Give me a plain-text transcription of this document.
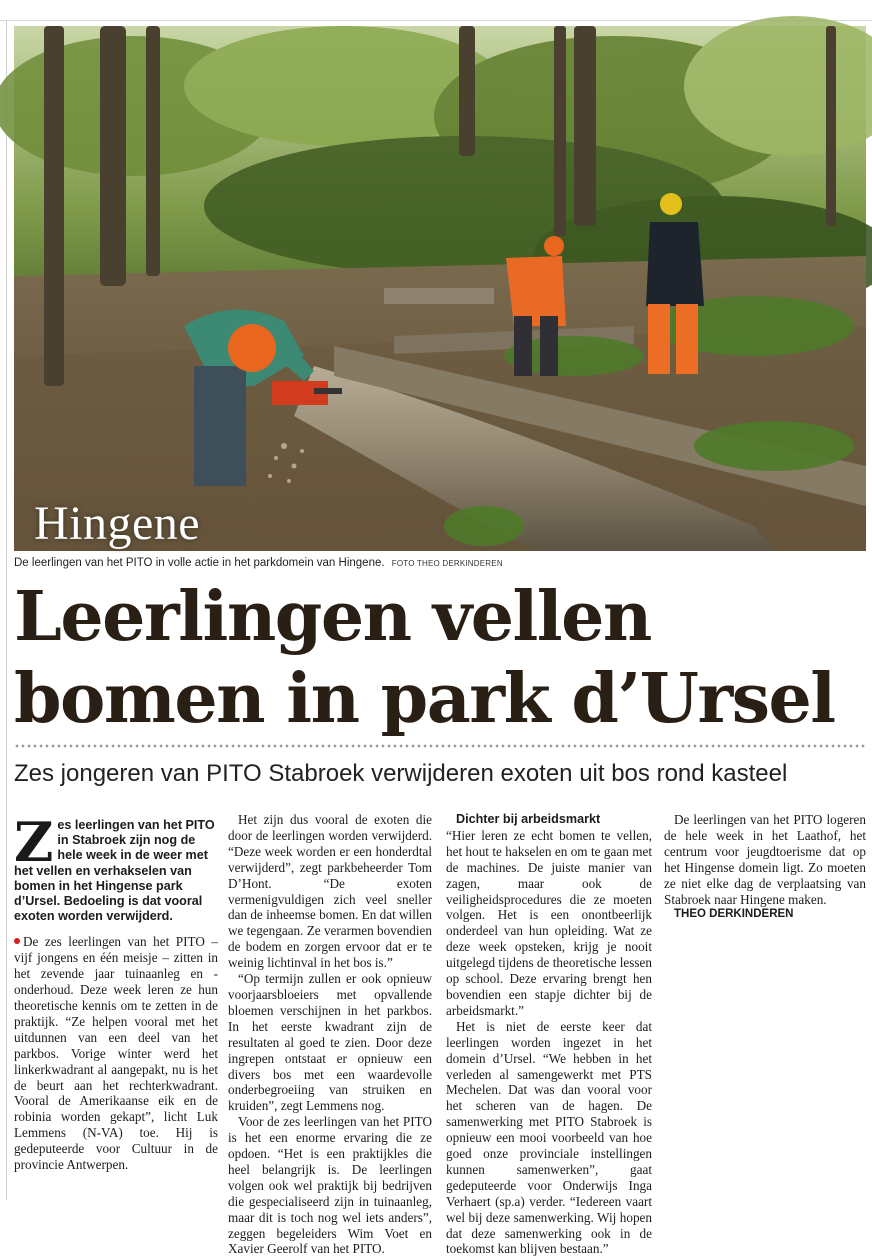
Hingene
De leerlingen van het PITO in volle actie in het parkdomein van Hingene. FOTO THEO DERKINDEREN
Leerlingen vellen
bomen in park d’Ursel
Zes jongeren van PITO Stabroek verwijderen exoten uit bos rond kasteel
Zes leerlingen van het PITO in Stabroek zijn nog de hele week in de weer met het vellen en verhakselen van bomen in het Hingense park d’Ursel. Bedoeling is dat vooral exoten worden verwijderd.

De zes leerlingen van het PITO – vijf jongens en één meisje – zitten in het zevende jaar tuinaanleg en -onderhoud. Deze week leren ze hun theoretische kennis om te zetten in de praktijk. “Ze helpen vooral met het uitdunnen van een deel van het parkbos. Vorige winter werd het linkerkwadrant al aangepakt, nu is het de beurt aan het rechterkwadrant. Vooral de Amerikaanse eik en de robinia worden gekapt”, licht Luk Lemmens (N-VA) toe. Hij is gedeputeerde voor Cultuur in de provincie Antwerpen.

Het zijn dus vooral de exoten die door de leerlingen worden verwijderd. “Deze week worden er een honderdtal verwijderd”, zegt parkbeheerder Tom D’Hont. “De exoten vermenigvuldigen zich veel sneller dan de inheemse bomen. En dat willen we tegengaan. Ze verarmen bovendien de bodem en zorgen ervoor dat er te weinig lichtinval in het bos is.”

“Op termijn zullen er ook opnieuw voorjaarsbloeiers met opvallende bloemen verschijnen in het parkbos. In het eerste kwadrant zijn de resultaten al goed te zien. Door deze ingrepen ontstaat er opnieuw een divers bos met een waardevolle onderbegroeiing van struiken en kruiden”, zegt Lemmens nog.

Voor de zes leerlingen van het PITO is het een enorme ervaring die ze opdoen. “Het is een praktijkles die heel belangrijk is. De leerlingen volgen ook wel praktijk bij bedrijven die gespecialiseerd zijn in tuinaanleg, maar dit is toch nog wel iets anders”, zeggen begeleiders Wim Voet en Xavier Geerolf van het PITO.

Dichter bij arbeidsmarkt

“Hier leren ze echt bomen te vellen, het hout te hakselen en om te gaan met de machines. De juiste manier van zagen, maar ook de veiligheidsprocedures die ze moeten volgen. Het is een onontbeerlijk onderdeel van hun opleiding. Wat ze deze week opsteken, krijg je nooit uitgelegd tijdens de theoretische lessen op school. Deze ervaring brengt hen bovendien een stapje dichter bij de arbeidsmarkt.”

Het is niet de eerste keer dat leerlingen worden ingezet in het domein d’Ursel. “We hebben in het verleden al samengewerkt met PTS Mechelen. Dat was dan vooral voor het scheren van de hagen. De samenwerking met PITO Stabroek is opnieuw een mooi voorbeeld van hoe goed onze provinciale instellingen kunnen samenwerken”, gaat gedeputeerde voor Onderwijs Inga Verhaert (sp.a) verder. “Iedereen vaart wel bij deze samenwerking. Wij hopen dat deze samenwerking ook in de toekomst kan blijven bestaan.”

De leerlingen van het PITO logeren de hele week in het Laathof, het centrum voor jeugdtoerisme dat op het Hingense domein ligt. Zo moeten ze niet elke dag de verplaatsing van Stabroek naar Hingene maken.

THEO DERKINDEREN
